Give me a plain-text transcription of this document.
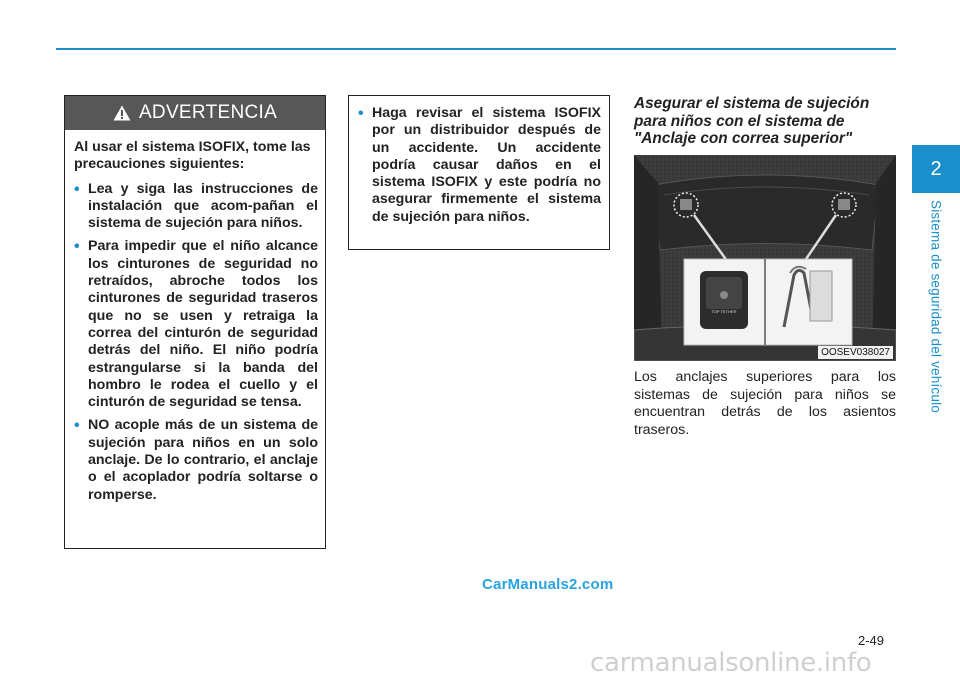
2
Sistema de seguridad del vehículo
ADVERTENCIA

Al usar el sistema ISOFIX, tome las precauciones siguientes:

• Lea y siga las instrucciones de instalación que acom-pañan el sistema de sujeción para niños.
• Para impedir que el niño alcance los cinturones de seguridad no retraídos, abroche todos los cinturones de seguridad traseros que no se usen y retraiga la correa del cinturón de seguridad detrás del niño. El niño podría estrangularse si la banda del hombro le rodea el cuello y el cinturón de seguridad se tensa.
• NO acople más de un sistema de sujeción para niños en un solo anclaje. De lo contrario, el anclaje o el acoplador podría soltarse o romperse.
• Haga revisar el sistema ISOFIX por un distribuidor después de un accidente. Un accidente podría causar daños en el sistema ISOFIX y este podría no asegurar firmemente el sistema de sujeción para niños.
Asegurar el sistema de sujeción para niños con el sistema de "Anclaje con correa superior"
TOP TETHER
OOSEV038027
Los anclajes superiores para los sistemas de sujeción para niños se encuentran detrás de los asientos traseros.
CarManuals2.com
2-49
carmanualsonline.info
